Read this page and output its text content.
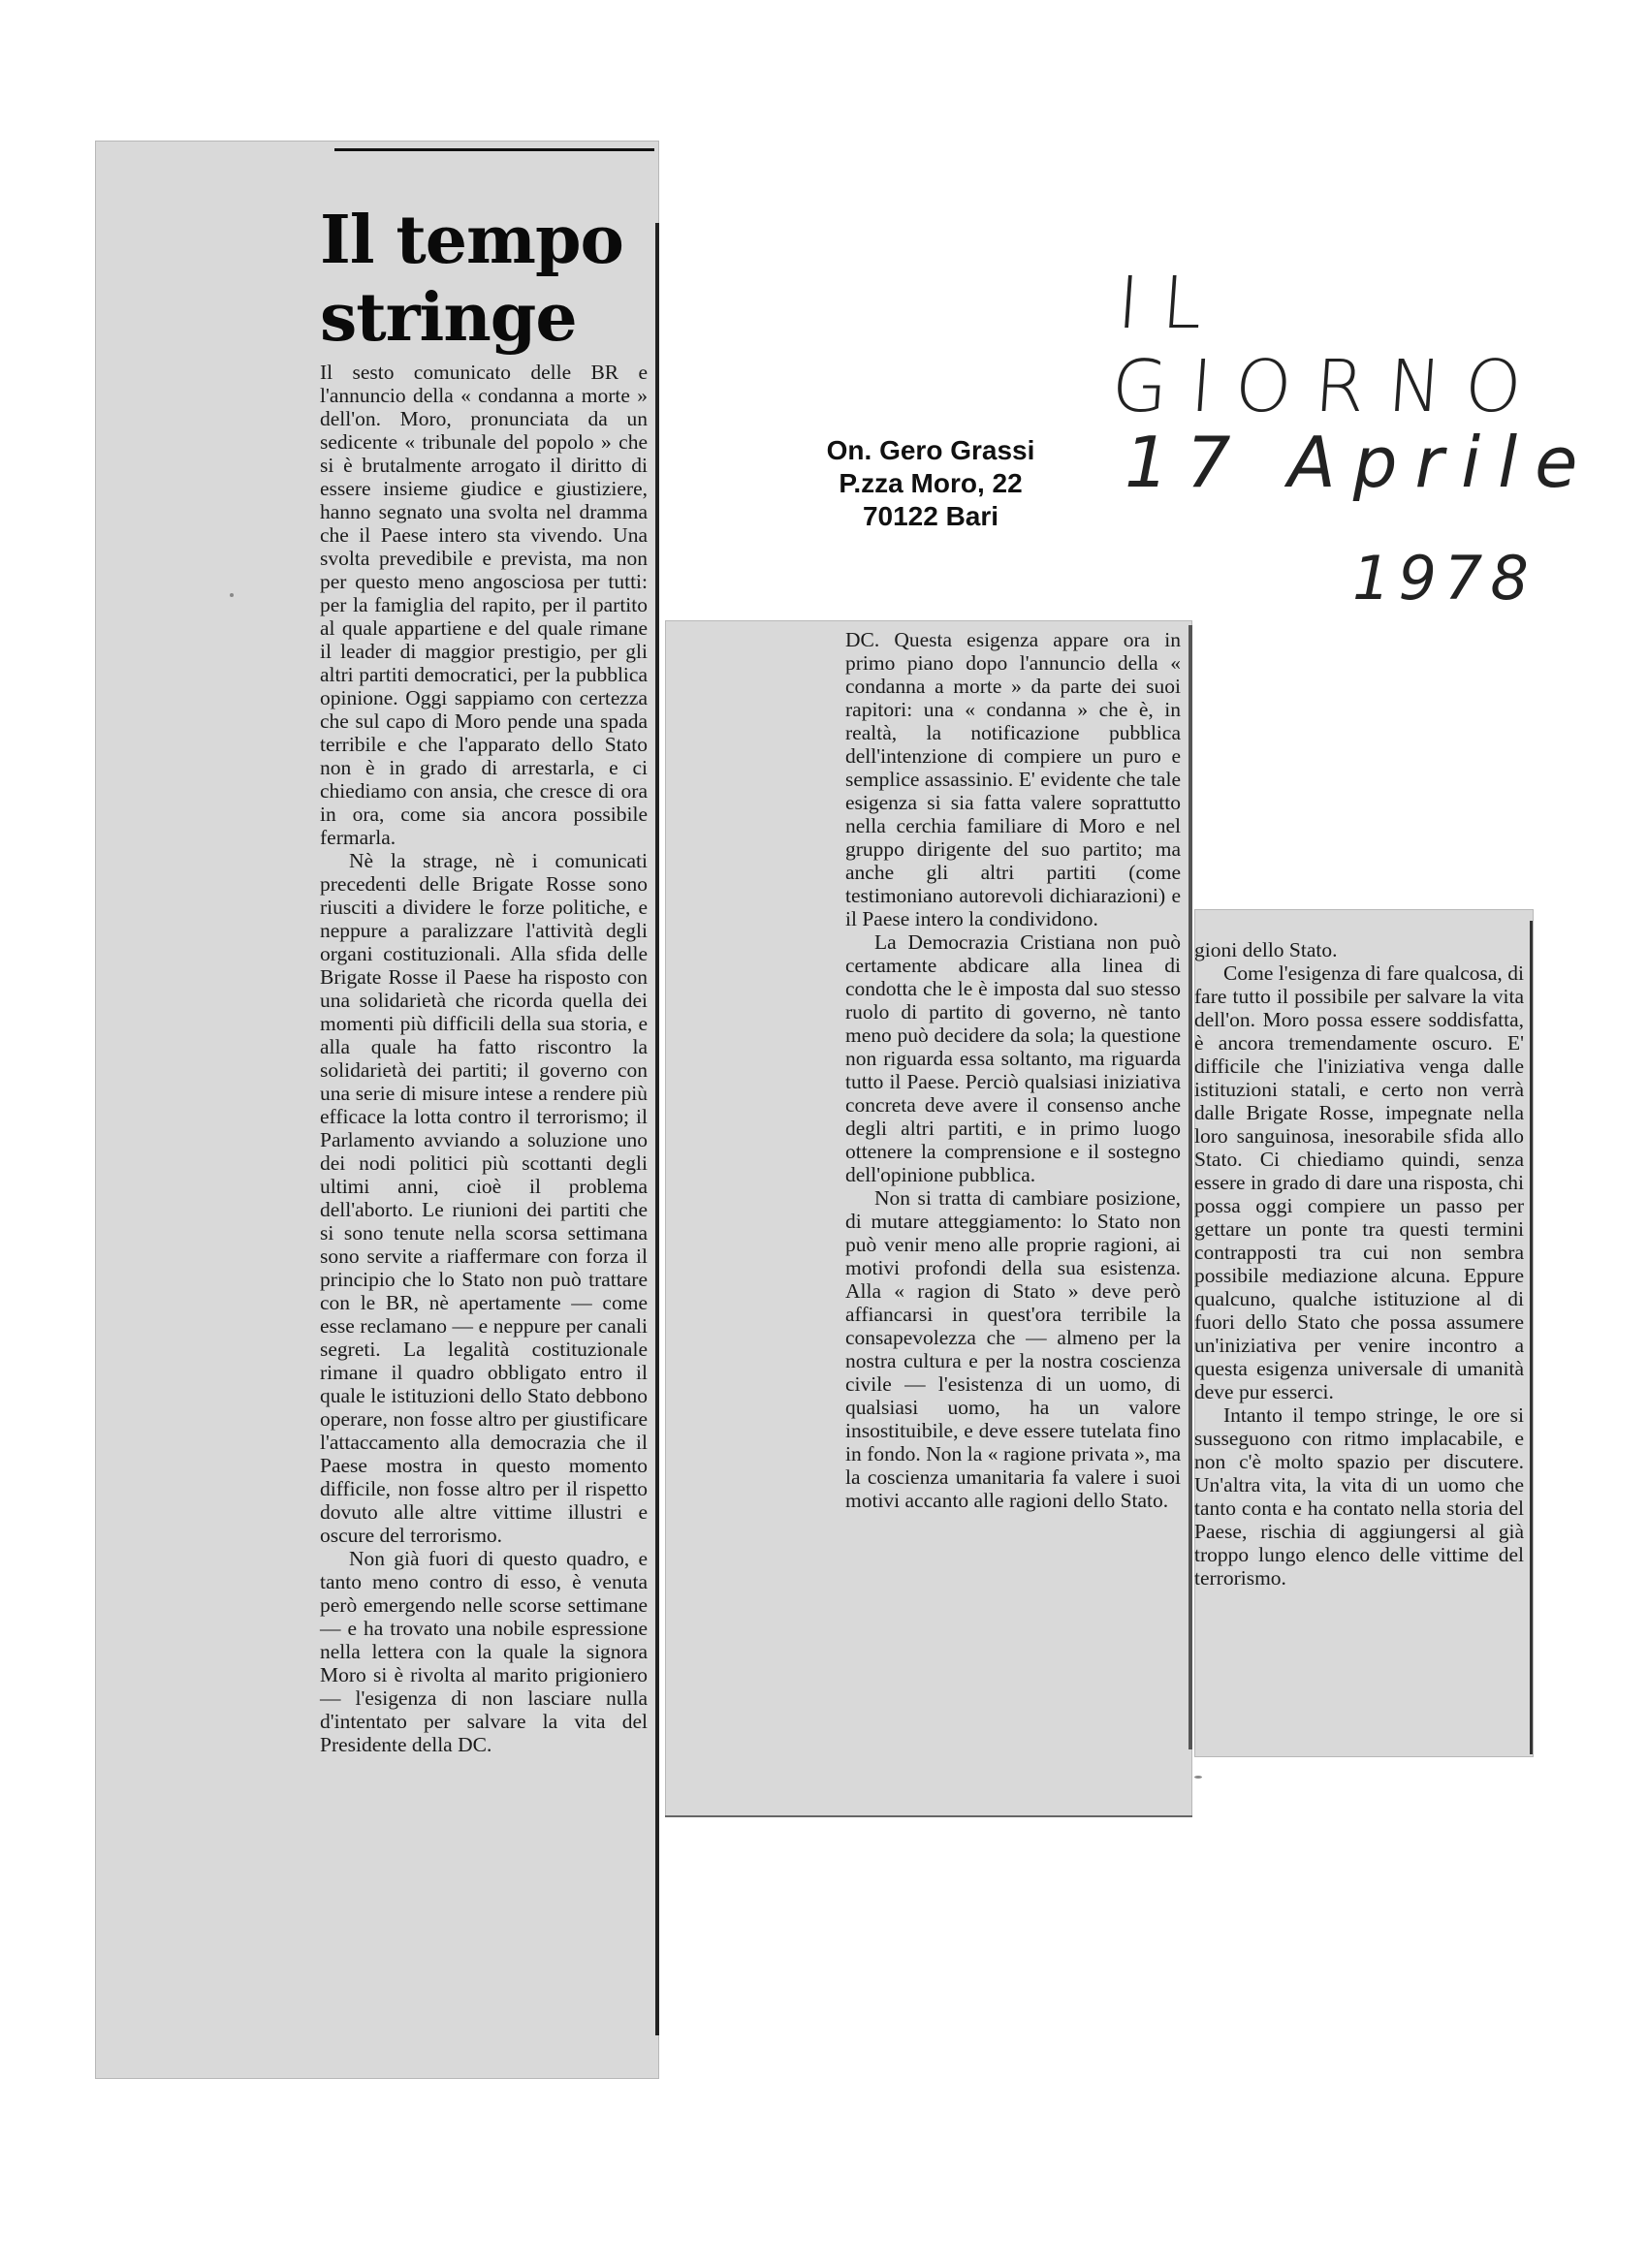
Il tempo stringe

Il sesto comunicato delle BR e l'annuncio della « condanna a morte » dell'on. Moro, pronunciata da un sedicente « tribunale del popolo » che si è brutalmente arrogato il diritto di essere insieme giudice e giustiziere, hanno segnato una svolta nel dramma che il Paese intero sta vivendo. Una svolta prevedibile e prevista, ma non per questo meno angosciosa per tutti: per la famiglia del rapito, per il partito al quale appartiene e del quale rimane il leader di maggior prestigio, per gli altri partiti democratici, per la pubblica opinione. Oggi sappiamo con certezza che sul capo di Moro pende una spada terribile e che l'apparato dello Stato non è in grado di arrestarla, e ci chiediamo con ansia, che cresce di ora in ora, come sia ancora possibile fermarla.

Nè la strage, nè i comunicati precedenti delle Brigate Rosse sono riusciti a dividere le forze politiche, e neppure a paralizzare l'attività degli organi costituzionali. Alla sfida delle Brigate Rosse il Paese ha risposto con una solidarietà che ricorda quella dei momenti più difficili della sua storia, e alla quale ha fatto riscontro la solidarietà dei partiti; il governo con una serie di misure intese a rendere più efficace la lotta contro il terrorismo; il Parlamento avviando a soluzione uno dei nodi politici più scottanti degli ultimi anni, cioè il problema dell'aborto. Le riunioni dei partiti che si sono tenute nella scorsa settimana sono servite a riaffermare con forza il principio che lo Stato non può trattare con le BR, nè apertamente — come esse reclamano — e neppure per canali segreti. La legalità costituzionale rimane il quadro obbligato entro il quale le istituzioni dello Stato debbono operare, non fosse altro per giustificare l'attaccamento alla democrazia che il Paese mostra in questo momento difficile, non fosse altro per il rispetto dovuto alle altre vittime illustri e oscure del terrorismo.

Non già fuori di questo quadro, e tanto meno contro di esso, è venuta però emergendo nelle scorse settimane — e ha trovato una nobile espressione nella lettera con la quale la signora Moro si è rivolta al marito prigioniero — l'esigenza di non lasciare nulla d'intentato per salvare la vita del Presidente della DC.

DC. Questa esigenza appare ora in primo piano dopo l'annuncio della « condanna a morte » da parte dei suoi rapitori: una « condanna » che è, in realtà, la notificazione pubblica dell'intenzione di compiere un puro e semplice assassinio. E' evidente che tale esigenza si sia fatta valere soprattutto nella cerchia familiare di Moro e nel gruppo dirigente del suo partito; ma anche gli altri partiti (come testimoniano autorevoli dichiarazioni) e il Paese intero la condividono.

La Democrazia Cristiana non può certamente abdicare alla linea di condotta che le è imposta dal suo stesso ruolo di partito di governo, nè tanto meno può decidere da sola; la questione non riguarda essa soltanto, ma riguarda tutto il Paese. Perciò qualsiasi iniziativa concreta deve avere il consenso anche degli altri partiti, e in primo luogo ottenere la comprensione e il sostegno dell'opinione pubblica.

Non si tratta di cambiare posizione, di mutare atteggiamento: lo Stato non può venir meno alle proprie ragioni, ai motivi profondi della sua esistenza. Alla « ragion di Stato » deve però affiancarsi in quest'ora terribile la consapevolezza che — almeno per la nostra cultura e per la nostra coscienza civile — l'esistenza di un uomo, di qualsiasi uomo, ha un valore insostituibile, e deve essere tutelata fino in fondo. Non la « ragione privata », ma la coscienza umanitaria fa valere i suoi motivi accanto alle ragioni dello Stato.

gioni dello Stato.

Come l'esigenza di fare qualcosa, di fare tutto il possibile per salvare la vita dell'on. Moro possa essere soddisfatta, è ancora tremendamente oscuro. E' difficile che l'iniziativa venga dalle istituzioni statali, e certo non verrà dalle Brigate Rosse, impegnate nella loro sanguinosa, inesorabile sfida allo Stato. Ci chiediamo quindi, senza essere in grado di dare una risposta, chi possa oggi compiere un passo per gettare un ponte tra questi termini contrapposti tra cui non sembra possibile mediazione alcuna. Eppure qualcuno, qualche istituzione al di fuori dello Stato che possa assumere un'iniziativa per venire incontro a questa esigenza universale di umanità deve pur esserci.

Intanto il tempo stringe, le ore si susseguono con ritmo implacabile, e non c'è molto spazio per discutere. Un'altra vita, la vita di un uomo che tanto conta e ha contato nella storia del Paese, rischia di aggiungersi al già troppo lungo elenco delle vittime del terrorismo.

On. Gero Grassi
P.zza Moro, 22
70122 Bari
IL GIORNO
17 Aprile
1978
